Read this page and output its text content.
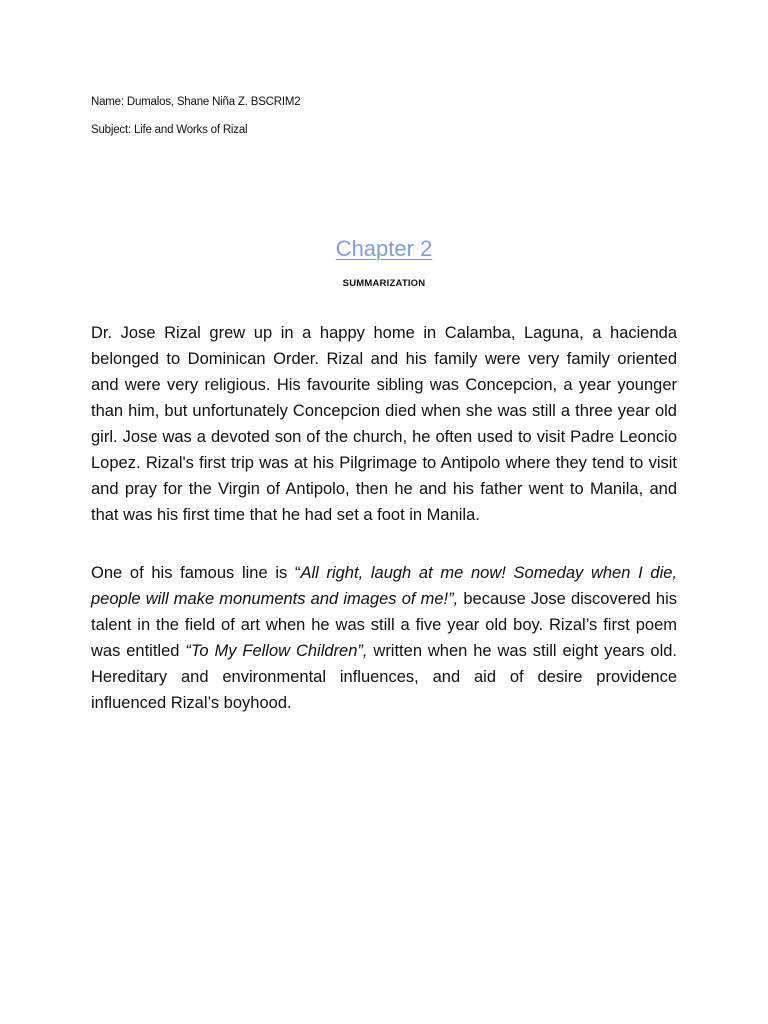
Name: Dumalos, Shane Niña Z. BSCRIM2
Subject: Life and Works of Rizal
Chapter 2
SUMMARIZATION

Dr. Jose Rizal grew up in a happy home in Calamba, Laguna, a hacienda belonged to Dominican Order. Rizal and his family were very family oriented and were very religious. His favourite sibling was Concepcion, a year younger than him, but unfortunately Concepcion died when she was still a three year old girl. Jose was a devoted son of the church, he often used to visit Padre Leoncio Lopez. Rizal's first trip was at his Pilgrimage to Antipolo where they tend to visit and pray for the Virgin of Antipolo, then he and his father went to Manila, and that was his first time that he had set a foot in Manila.

One of his famous line is “All right, laugh at me now! Someday when I die, people will make monuments and images of me!”, because Jose discovered his talent in the field of art when he was still a five year old boy. Rizal’s first poem was entitled “To My Fellow Children”, written when he was still eight years old. Hereditary and environmental influences, and aid of desire providence influenced Rizal’s boyhood.
